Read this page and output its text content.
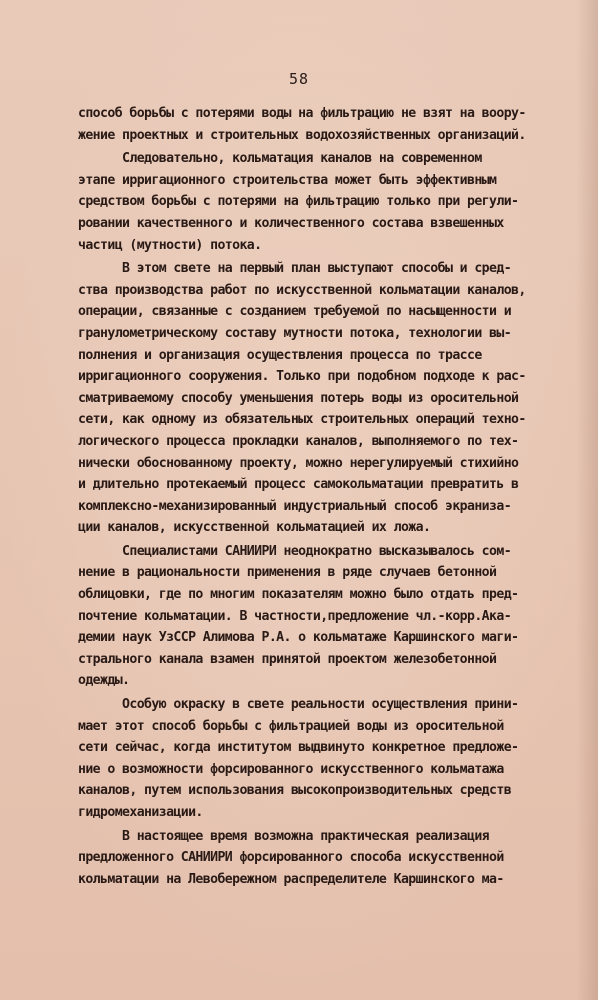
58
способ борьбы с потерями воды на фильтрацию не взят на воору-
жение проектных и строительных водохозяйственных организаций.
Следовательно, кольматация каналов на современном
этапе ирригационного строительства может быть эффективным
средством борьбы с потерями на фильтрацию только при регули-
ровании качественного и количественного состава взвешенных
частиц (мутности) потока.
В этом свете на первый план выступают способы и сред-
ства производства работ по искусственной кольматации каналов,
операции, связанные с созданием требуемой по насыщенности и
гранулометрическому составу мутности потока, технологии вы-
полнения и организация осуществления процесса по трассе
ирригационного сооружения. Только при подобном подходе к рас-
сматриваемому способу уменьшения потерь воды из оросительной
сети, как одному из обязательных строительных операций техно-
логического процесса прокладки каналов, выполняемого по тех-
нически обоснованному проекту, можно нерегулируемый стихийно
и длительно протекаемый процесс самокольматации превратить в
комплексно-механизированный индустриальный способ экраниза-
ции каналов, искусственной кольматацией их ложа.
Специалистами САНИИРИ неоднократно высказывалось сом-
нение в рациональности применения в ряде случаев бетонной
облицовки, где по многим показателям можно было отдать пред-
почтение кольматации. В частности,предложение чл.-корр.Ака-
демии наук УзССР Алимова Р.А. о кольматаже Каршинского маги-
стрального канала взамен принятой проектом железобетонной
одежды.
Особую окраску в свете реальности осуществления прини-
мает этот способ борьбы с фильтрацией воды из оросительной
сети сейчас, когда институтом выдвинуто конкретное предложе-
ние о возможности форсированного искусственного кольматажа
каналов, путем использования высокопроизводительных средств
гидромеханизации.
В настоящее время возможна практическая реализация
предложенного САНИИРИ форсированного способа искусственной
кольматации на Левобережном распределителе Каршинского ма-
